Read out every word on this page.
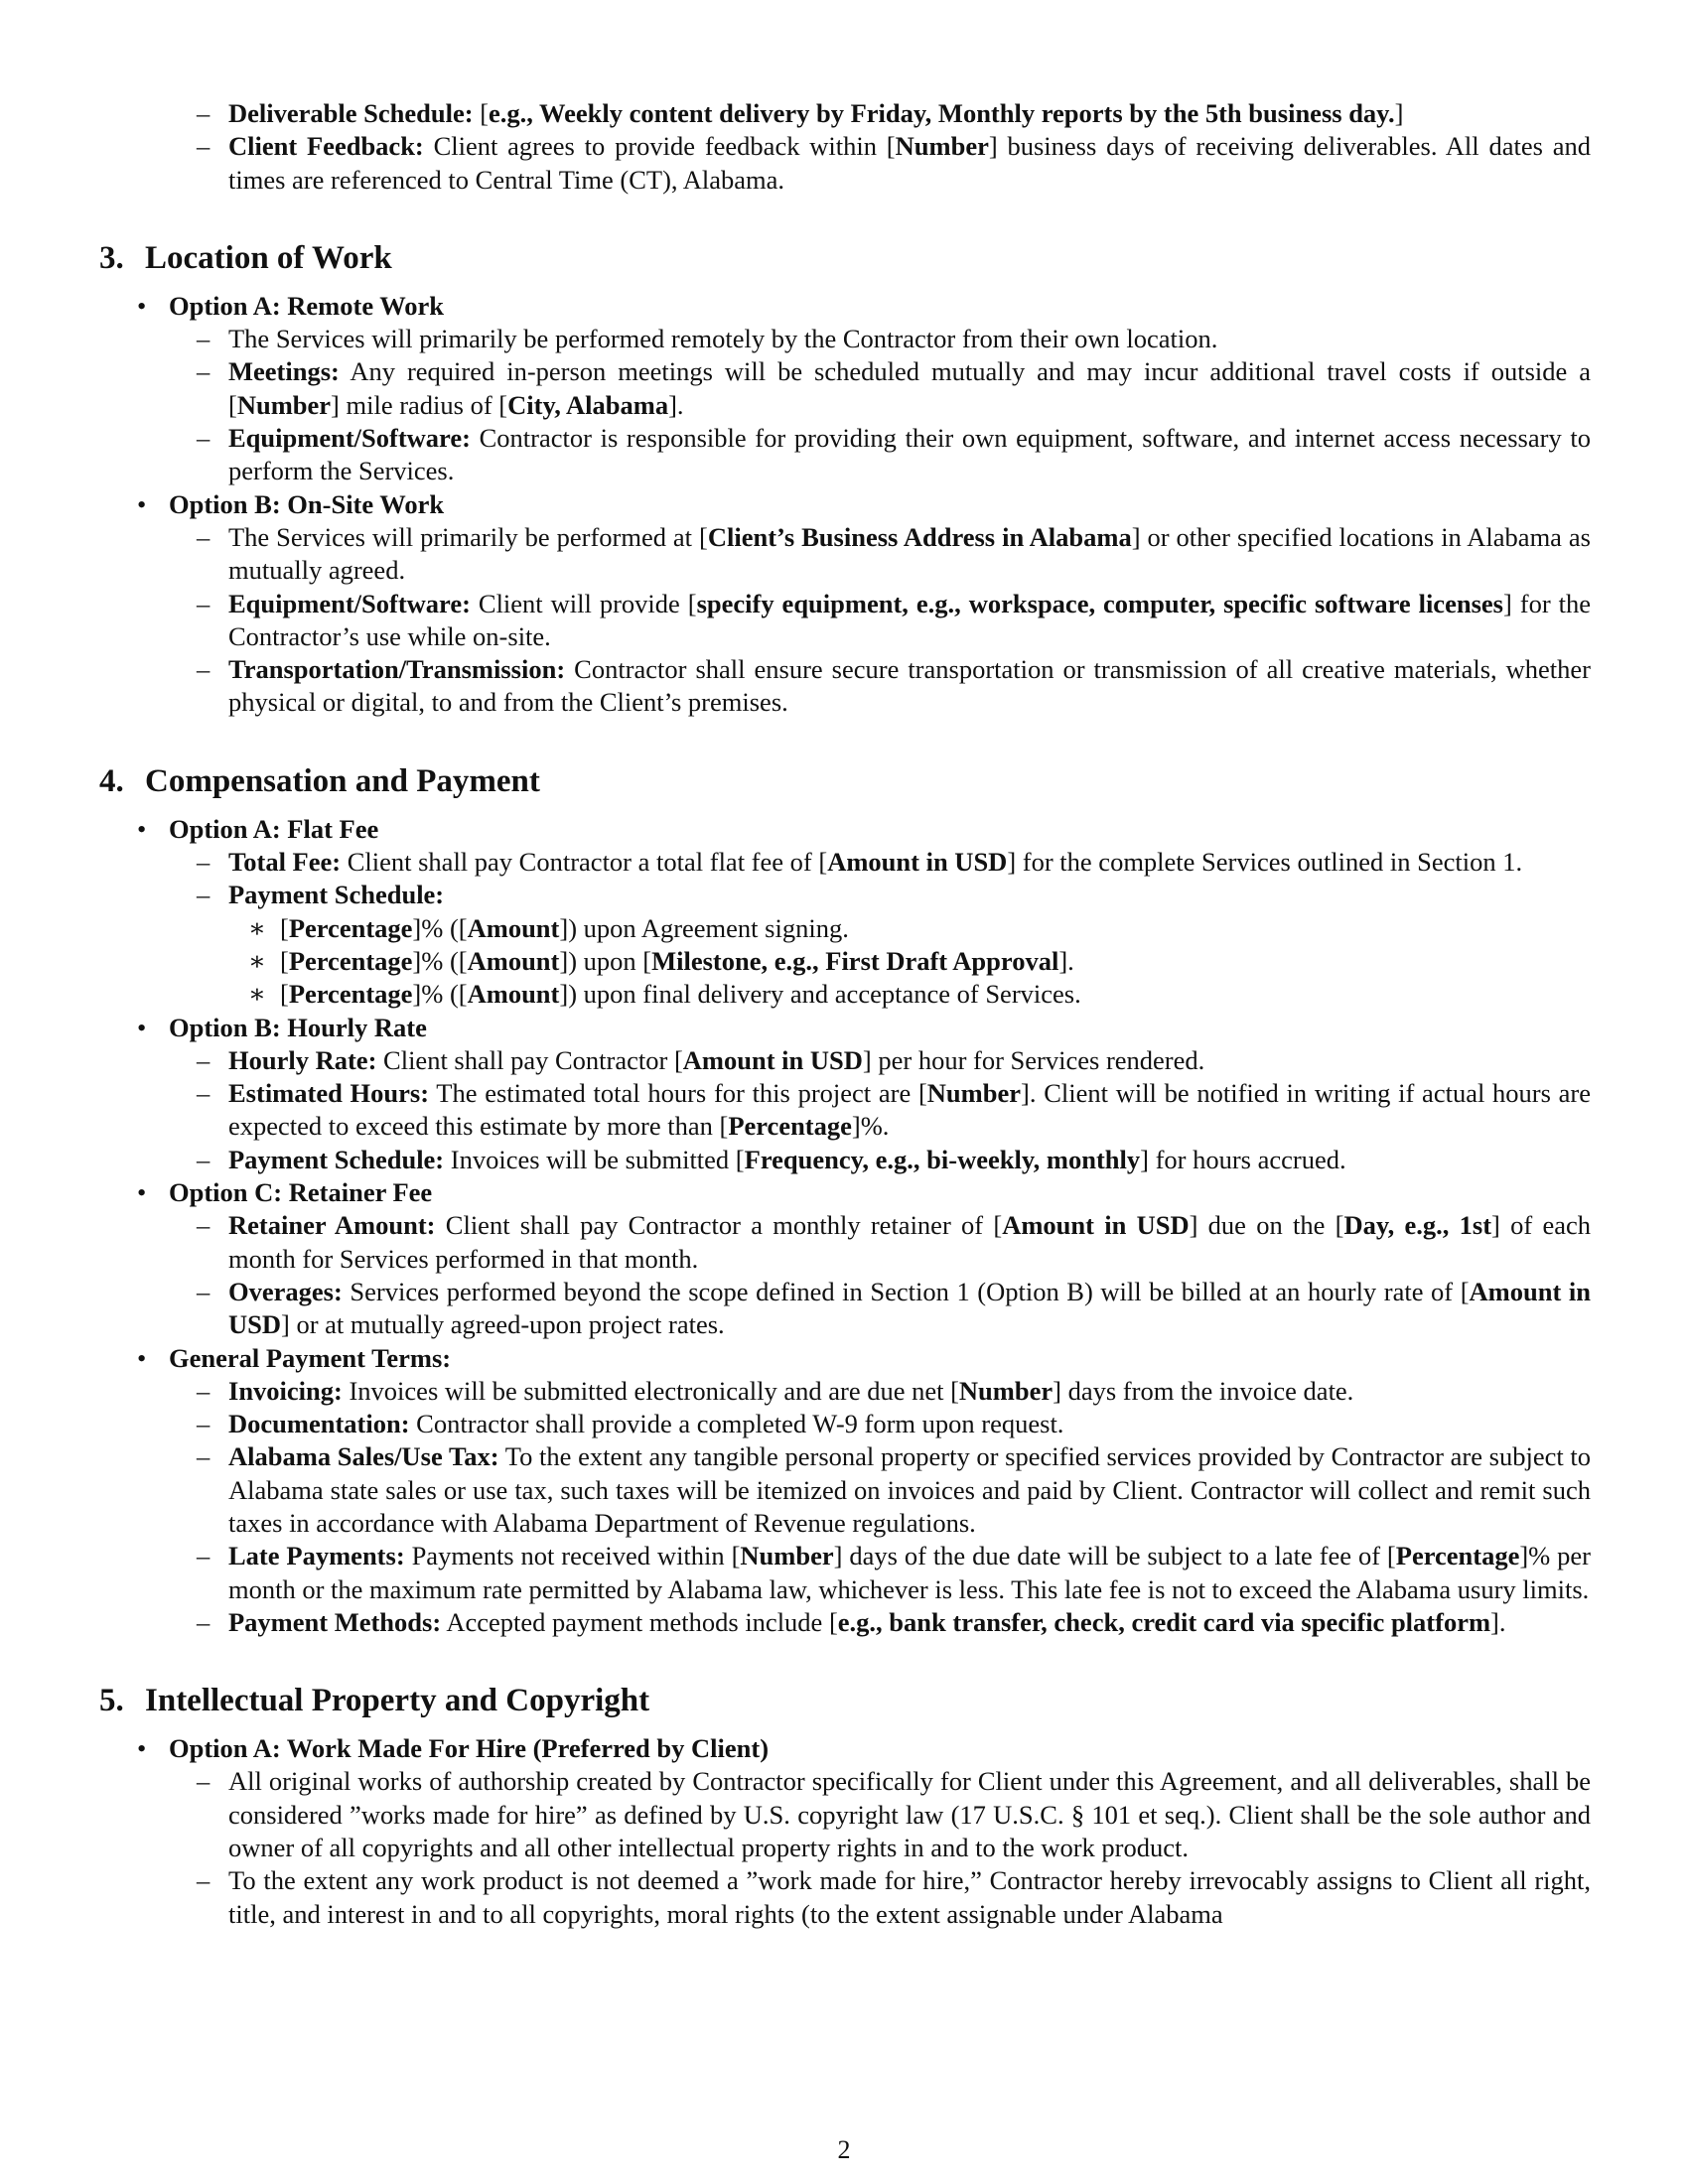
– Deliverable Schedule: [e.g., Weekly content delivery by Friday, Monthly reports by the 5th business day.]
– Client Feedback: Client agrees to provide feedback within [Number] business days of receiving deliverables. All dates and times are referenced to Central Time (CT), Alabama.
3. Location of Work
• Option A: Remote Work
– The Services will primarily be performed remotely by the Contractor from their own location.
– Meetings: Any required in-person meetings will be scheduled mutually and may incur additional travel costs if outside a [Number] mile radius of [City, Alabama].
– Equipment/Software: Contractor is responsible for providing their own equipment, software, and internet access necessary to perform the Services.
• Option B: On-Site Work
– The Services will primarily be performed at [Client’s Business Address in Alabama] or other specified locations in Alabama as mutually agreed.
– Equipment/Software: Client will provide [specify equipment, e.g., workspace, computer, specific software licenses] for the Contractor’s use while on-site.
– Transportation/Transmission: Contractor shall ensure secure transportation or transmission of all creative materials, whether physical or digital, to and from the Client’s premises.
4. Compensation and Payment
• Option A: Flat Fee
– Total Fee: Client shall pay Contractor a total flat fee of [Amount in USD] for the complete Services outlined in Section 1.
– Payment Schedule:
∗ [Percentage]% ([Amount]) upon Agreement signing.
∗ [Percentage]% ([Amount]) upon [Milestone, e.g., First Draft Approval].
∗ [Percentage]% ([Amount]) upon final delivery and acceptance of Services.
• Option B: Hourly Rate
– Hourly Rate: Client shall pay Contractor [Amount in USD] per hour for Services rendered.
– Estimated Hours: The estimated total hours for this project are [Number]. Client will be notified in writing if actual hours are expected to exceed this estimate by more than [Percentage]%.
– Payment Schedule: Invoices will be submitted [Frequency, e.g., bi-weekly, monthly] for hours accrued.
• Option C: Retainer Fee
– Retainer Amount: Client shall pay Contractor a monthly retainer of [Amount in USD] due on the [Day, e.g., 1st] of each month for Services performed in that month.
– Overages: Services performed beyond the scope defined in Section 1 (Option B) will be billed at an hourly rate of [Amount in USD] or at mutually agreed-upon project rates.
• General Payment Terms:
– Invoicing: Invoices will be submitted electronically and are due net [Number] days from the invoice date.
– Documentation: Contractor shall provide a completed W-9 form upon request.
– Alabama Sales/Use Tax: To the extent any tangible personal property or specified services provided by Contractor are subject to Alabama state sales or use tax, such taxes will be itemized on invoices and paid by Client. Contractor will collect and remit such taxes in accordance with Alabama Department of Revenue regulations.
– Late Payments: Payments not received within [Number] days of the due date will be subject to a late fee of [Percentage]% per month or the maximum rate permitted by Alabama law, whichever is less. This late fee is not to exceed the Alabama usury limits.
– Payment Methods: Accepted payment methods include [e.g., bank transfer, check, credit card via specific platform].
5. Intellectual Property and Copyright
• Option A: Work Made For Hire (Preferred by Client)
– All original works of authorship created by Contractor specifically for Client under this Agreement, and all deliverables, shall be considered ”works made for hire” as defined by U.S. copyright law (17 U.S.C. § 101 et seq.). Client shall be the sole author and owner of all copyrights and all other intellectual property rights in and to the work product.
– To the extent any work product is not deemed a ”work made for hire,” Contractor hereby irrevocably assigns to Client all right, title, and interest in and to all copyrights, moral rights (to the extent assignable under Alabama
2
